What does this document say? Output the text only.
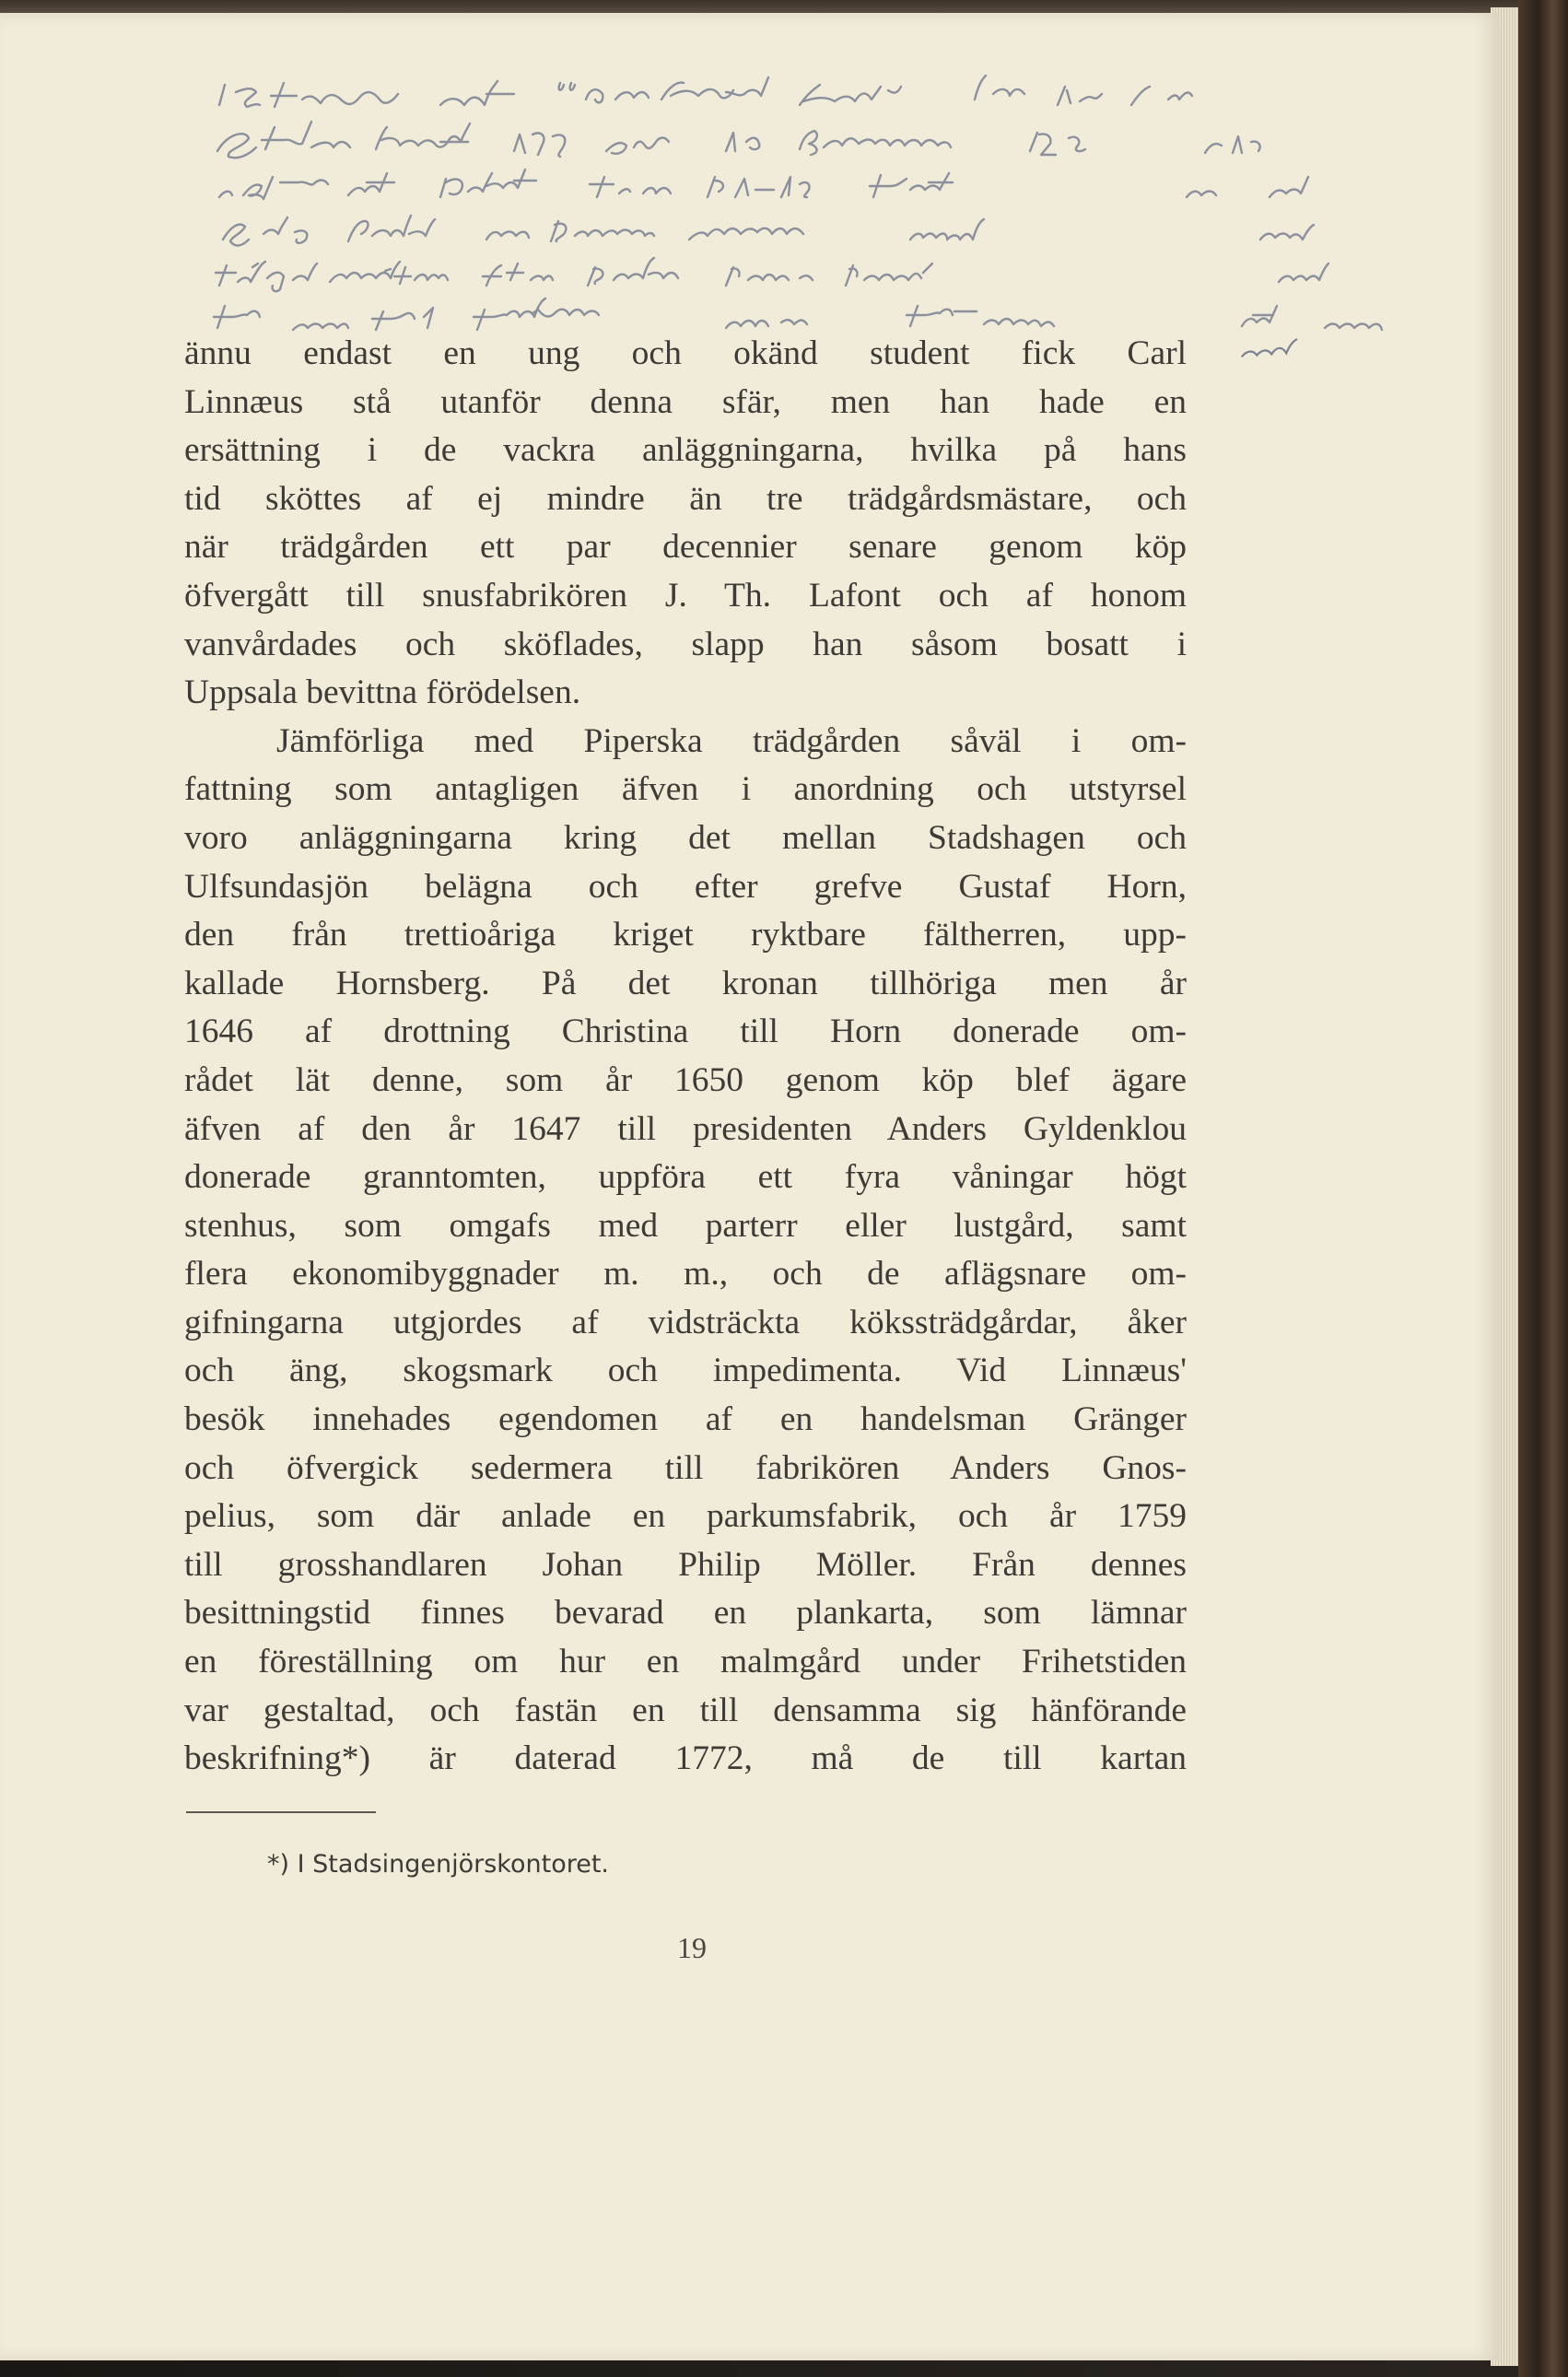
ännu endast en ung och okänd student fick Carl
Linnæus stå utanför denna sfär, men han hade en
ersättning i de vackra anläggningarna, hvilka på hans
tid sköttes af ej mindre än tre trädgårdsmästare, och
när trädgården ett par decennier senare genom köp
öfvergått till snusfabrikören J. Th. Lafont och af honom
vanvårdades och sköflades, slapp han såsom bosatt i
Uppsala bevittna förödelsen.
Jämförliga med Piperska trädgården såväl i om-
fattning som antagligen äfven i anordning och utstyrsel
voro anläggningarna kring det mellan Stadshagen och
Ulfsundasjön belägna och efter grefve Gustaf Horn,
den från trettioåriga kriget ryktbare fältherren, upp-
kallade Hornsberg. På det kronan tillhöriga men år
1646 af drottning Christina till Horn donerade om-
rådet lät denne, som år 1650 genom köp blef ägare
äfven af den år 1647 till presidenten Anders Gyldenklou
donerade granntomten, uppföra ett fyra våningar högt
stenhus, som omgafs med parterr eller lustgård, samt
flera ekonomibyggnader m. m., och de aflägsnare om-
gifningarna utgjordes af vidsträckta kökssträdgårdar, åker
och äng, skogsmark och impedimenta. Vid Linnæus'
besök innehades egendomen af en handelsman Gränger
och öfvergick sedermera till fabrikören Anders Gnos-
pelius, som där anlade en parkumsfabrik, och år 1759
till grosshandlaren Johan Philip Möller. Från dennes
besittningstid finnes bevarad en plankarta, som lämnar
en föreställning om hur en malmgård under Frihetstiden
var gestaltad, och fastän en till densamma sig hänförande
beskrifning*) är daterad 1772, må de till kartan

*) I Stadsingenjörskontoret.

19
